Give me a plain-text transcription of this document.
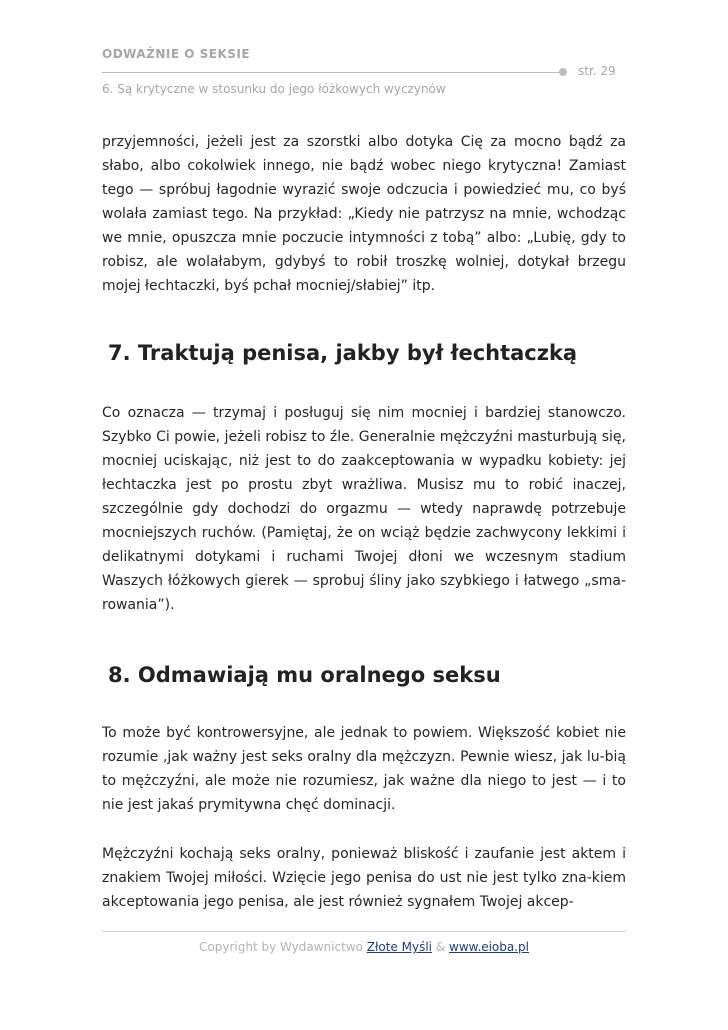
ODWAŻNIE O SEKSIE
str. 29
6. Są krytyczne w stosunku do jego łóżkowych wyczynów

przyjemności, jeżeli jest za szorstki albo dotyka Cię za mocno bądź za słabo, albo cokolwiek innego, nie bądź wobec niego krytyczna! Zamiast tego — spróbuj łagodnie wyrazić swoje odczucia i powiedzieć mu, co byś wolała zamiast tego. Na przykład: „Kiedy nie patrzysz na mnie, wchodząc we mnie, opuszcza mnie poczucie intymności z tobą” albo: „Lubię, gdy to robisz, ale wolałabym, gdybyś to robił troszkę wolniej, dotykał brzegu mojej łechtaczki, byś pchał mocniej/słabiej” itp.

7. Traktują penisa, jakby był łechtaczką

Co oznacza — trzymaj i posługuj się nim mocniej i bardziej stanowczo. Szybko Ci powie, jeżeli robisz to źle. Generalnie mężczyźni masturbują się, mocniej uciskając, niż jest to do zaakceptowania w wypadku kobiety: jej łechtaczka jest po prostu zbyt wrażliwa. Musisz mu to robić inaczej, szczególnie gdy dochodzi do orgazmu — wtedy naprawdę potrzebuje mocniejszych ruchów. (Pamiętaj, że on wciąż będzie zachwycony lekkimi i delikatnymi dotykami i ruchami Twojej dłoni we wczesnym stadium Waszych łóżkowych gierek — sprobuj śliny jako szybkiego i łatwego „sma-rowania”).

8. Odmawiają mu oralnego seksu

To może być kontrowersyjne, ale jednak to powiem. Większość kobiet nie rozumie ,jak ważny jest seks oralny dla mężczyzn. Pewnie wiesz, jak lu-bią to mężczyźni, ale może nie rozumiesz, jak ważne dla niego to jest — i to nie jest jakaś prymitywna chęć dominacji.

Mężczyźni kochają seks oralny, ponieważ bliskość i zaufanie jest aktem i znakiem Twojej miłości. Wzięcie jego penisa do ust nie jest tylko zna-kiem akceptowania jego penisa, ale jest również sygnałem Twojej akcep-

Copyright by Wydawnictwo Złote Myśli & www.eioba.pl
